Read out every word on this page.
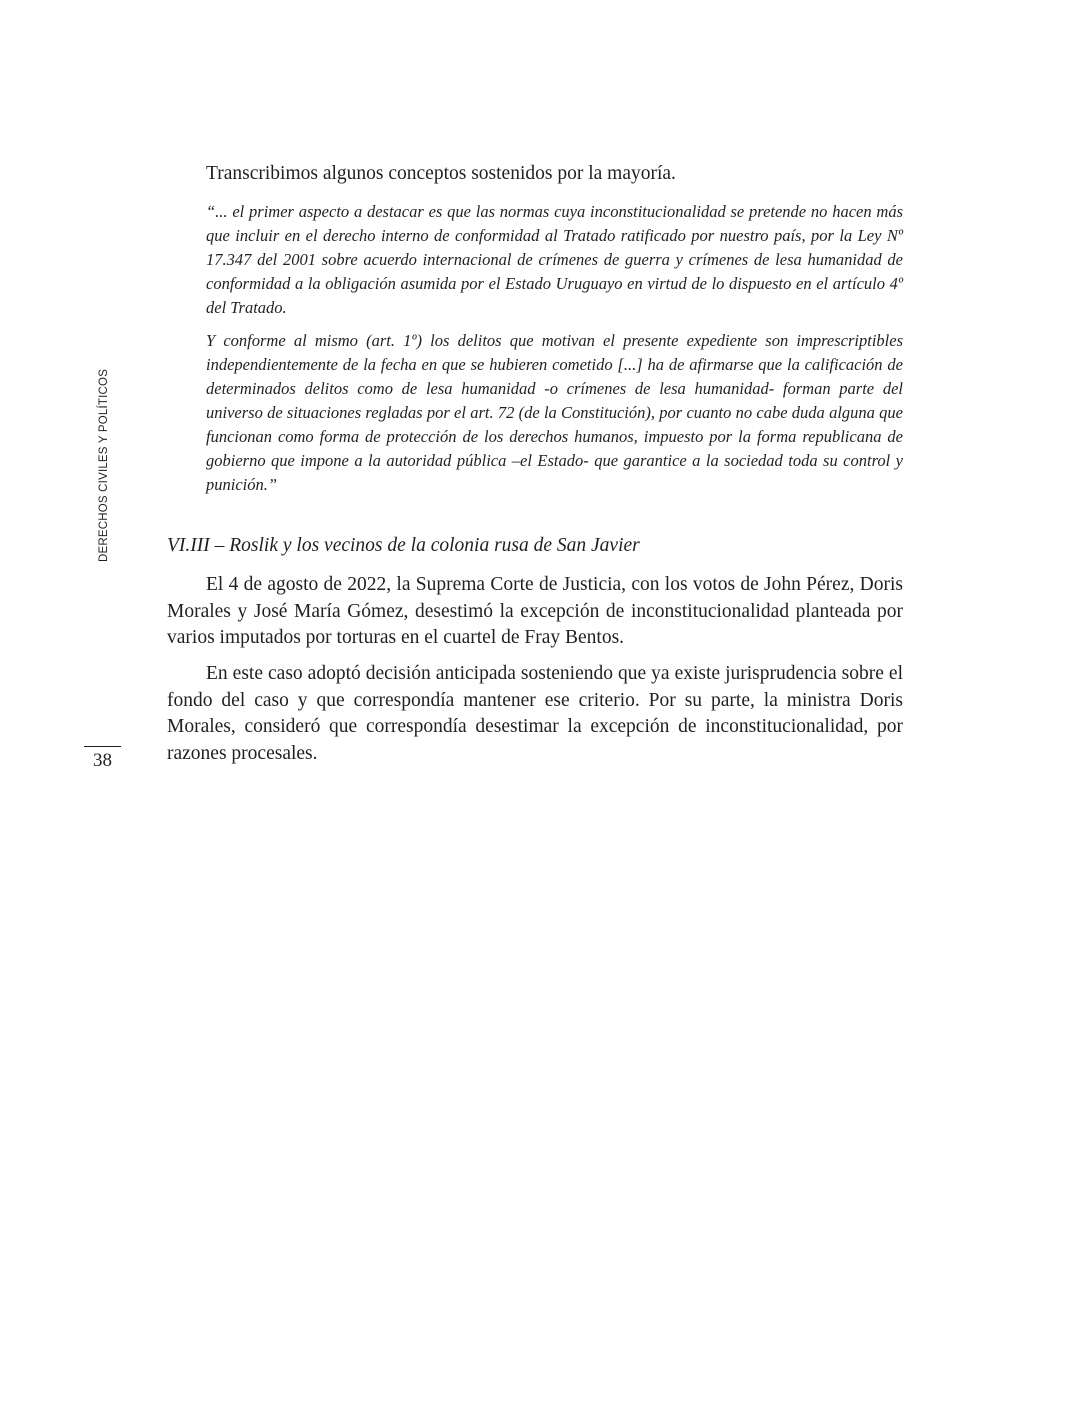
DERECHOS CIVILES Y POLÍTICOS
38

Transcribimos algunos conceptos sostenidos por la mayoría.

“... el primer aspecto a destacar es que las normas cuya inconstitucionalidad se pretende no hacen más que incluir en el derecho interno de conformidad al Tratado ratificado por nuestro país, por la Ley Nº 17.347 del 2001 sobre acuerdo internacional de crímenes de guerra y crímenes de lesa humanidad de conformidad a la obligación asumida por el Estado Uruguayo en virtud de lo dispuesto en el artículo 4º del Tratado.

Y conforme al mismo (art. 1º) los delitos que motivan el presente expediente son imprescriptibles independientemente de la fecha en que se hubieren cometido [...] ha de afirmarse que la calificación de determinados delitos como de lesa humanidad -o crímenes de lesa humanidad- forman parte del universo de situaciones regladas por el art. 72 (de la Constitución), por cuanto no cabe duda alguna que funcionan como forma de protección de los derechos humanos, impuesto por la forma republicana de gobierno que impone a la autoridad pública –el Estado- que garantice a la sociedad toda su control y punición.”

VI.III – Roslik y los vecinos de la colonia rusa de San Javier

El 4 de agosto de 2022, la Suprema Corte de Justicia, con los votos de John Pérez, Doris Morales y José María Gómez, desestimó la excepción de inconstitucionalidad planteada por varios imputados por torturas en el cuartel de Fray Bentos.

En este caso adoptó decisión anticipada sosteniendo que ya existe jurisprudencia sobre el fondo del caso y que correspondía mantener ese criterio. Por su parte, la ministra Doris Morales, consideró que correspondía desestimar la excepción de inconstitucionalidad, por razones procesales.
